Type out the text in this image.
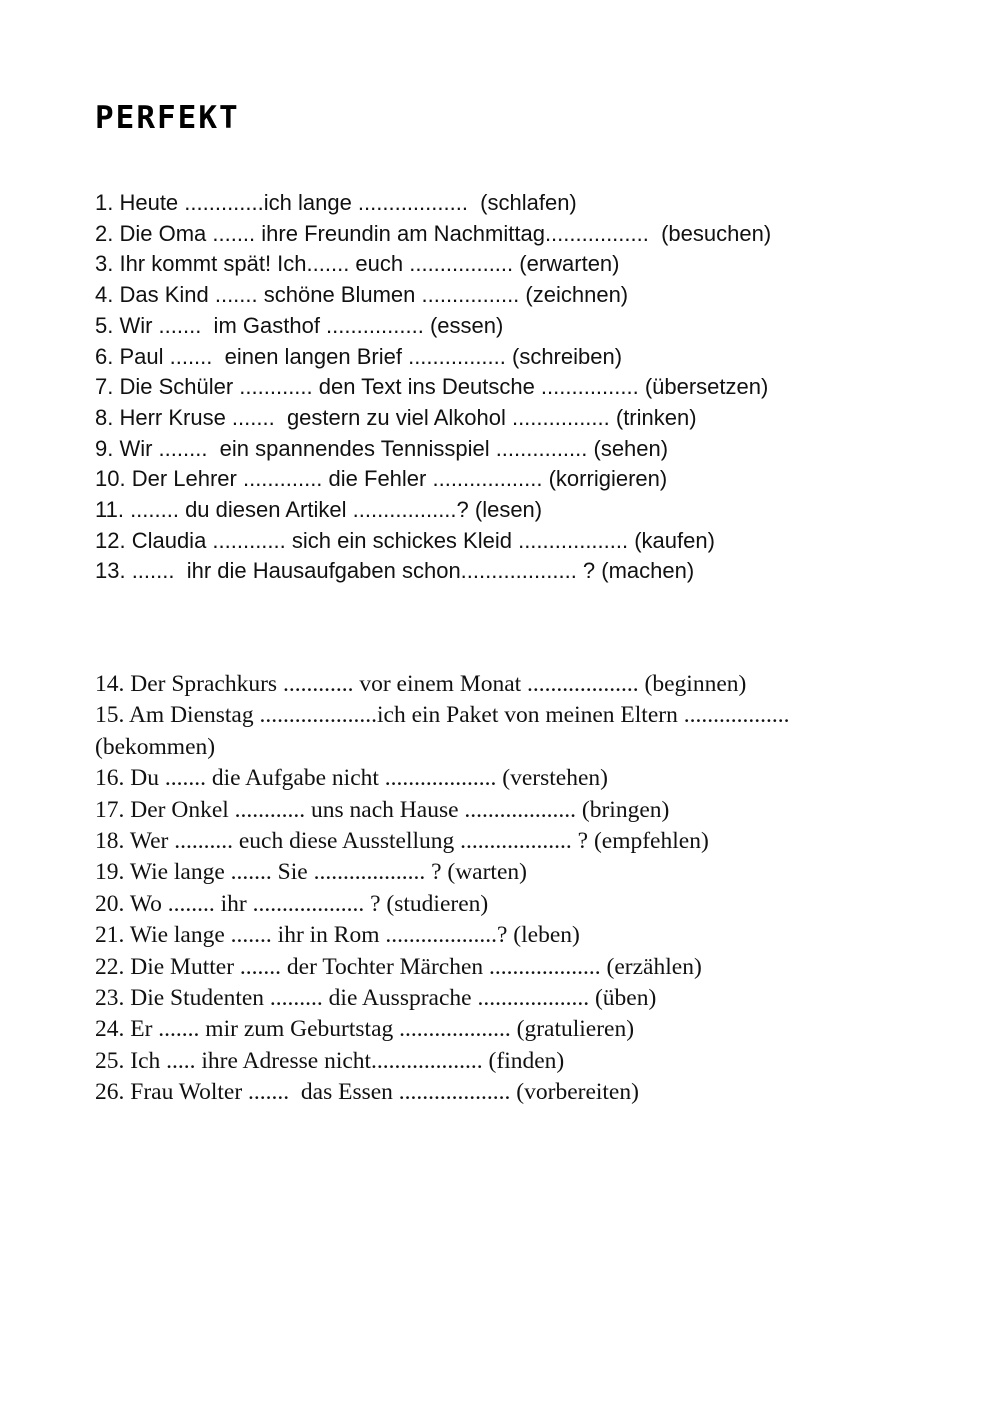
PERFEKT
1. Heute .............ich lange ..................  (schlafen)
2. Die Oma ....... ihre Freundin am Nachmittag.................  (besuchen)
3. Ihr kommt spät! Ich....... euch ................. (erwarten)
4. Das Kind ....... schöne Blumen ................ (zeichnen)
5. Wir .......  im Gasthof ................ (essen)
6. Paul .......  einen langen Brief ................ (schreiben)
7. Die Schüler ............ den Text ins Deutsche ................ (übersetzen)
8. Herr Kruse .......  gestern zu viel Alkohol ................ (trinken)
9. Wir ........  ein spannendes Tennisspiel ............... (sehen)
10. Der Lehrer ............. die Fehler .................. (korrigieren)
11. ........ du diesen Artikel .................? (lesen)
12. Claudia ............ sich ein schickes Kleid .................. (kaufen)
13. .......  ihr die Hausaufgaben schon................... ? (machen)
14. Der Sprachkurs ............ vor einem Monat ................... (beginnen)
15. Am Dienstag ....................ich ein Paket von meinen Eltern .................. (bekommen)
16. Du ....... die Aufgabe nicht ................... (verstehen)
17. Der Onkel ............ uns nach Hause ................... (bringen)
18. Wer .......... euch diese Ausstellung ................... ? (empfehlen)
19. Wie lange ....... Sie ................... ? (warten)
20. Wo ........ ihr ................... ? (studieren)
21. Wie lange ....... ihr in Rom ...................? (leben)
22. Die Mutter ....... der Tochter Märchen ................... (erzählen)
23. Die Studenten ......... die Aussprache ................... (üben)
24. Er ....... mir zum Geburtstag ................... (gratulieren)
25. Ich ..... ihre Adresse nicht................... (finden)
26. Frau Wolter .......  das Essen ................... (vorbereiten)
